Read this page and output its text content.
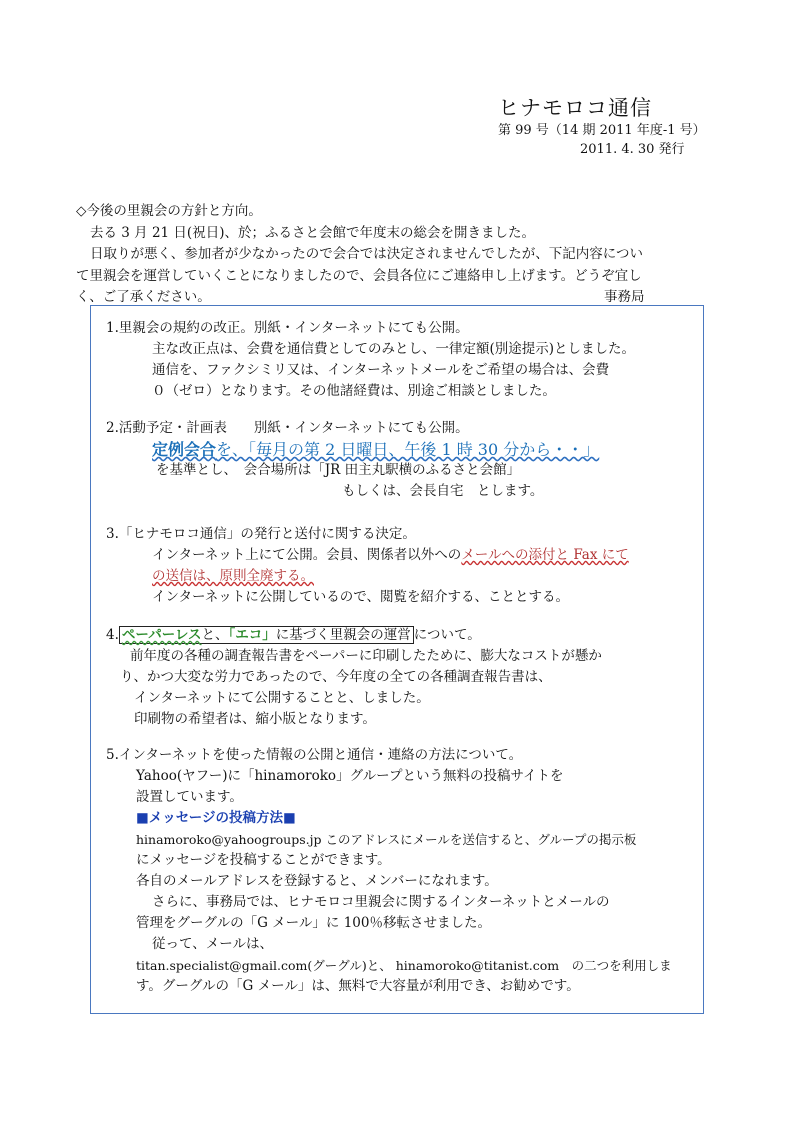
ヒナモロコ通信
第 99 号（14 期 2011 年度-1 号）
2011. 4. 30 発行
◇今後の里親会の方針と方向。
去る 3 月 21 日(祝日)、於；ふるさと会館で年度末の総会を開きました。
日取りが悪く、参加者が少なかったので会合では決定されませんでしたが、下記内容につい
て里親会を運営していくことになりましたので、会員各位にご連絡申し上げます。どうぞ宜し
く、ご了承ください。	事務局
1.里親会の規約の改正。別紙・インターネットにても公開。
主な改正点は、会費を通信費としてのみとし、一律定額(別途提示)としました。
通信を、ファクシミリ又は、インターネットメールをご希望の場合は、会費
０（ゼロ）となります。その他諸経費は、別途ご相談としました。
2.活動予定・計画表　　別紙・インターネットにても公開。
定例会合を、「毎月の第 2 日曜日、午後 1 時 30 分から・・」
を基準とし、　会合場所は「JR 田主丸駅横のふるさと会館」
もしくは、会長自宅　とします。
3.「ヒナモロコ通信」の発行と送付に関する決定。
インターネット上にて公開。会員、関係者以外へのメールへの添付と Fax にて
の送信は、原則全廃する。
インターネットに公開しているので、閲覧を紹介する、こととする。
4. ペーパーレスと、「エコ」に基づく里親会の運営 について。
前年度の各種の調査報告書をペーパーに印刷したために、膨大なコストが懸か
り、かつ大変な労力であったので、今年度の全ての各種調査報告書は、
インターネットにて公開することと、しました。
印刷物の希望者は、縮小版となります。
5.インターネットを使った情報の公開と通信・連絡の方法について。
Yahoo(ヤフー)に「hinamoroko」グループという無料の投稿サイトを
設置しています。
■メッセージの投稿方法■
hinamoroko@yahoogroups.jp このアドレスにメールを送信すると、グループの掲示板
にメッセージを投稿することができます。
各自のメールアドレスを登録すると、メンバーになれます。
さらに、事務局では、ヒナモロコ里親会に関するインターネットとメールの
管理をグーグルの「G メール」に 100％移転させました。
従って、メールは、
titan.specialist@gmail.com(グーグル)と、 hinamoroko@titanist.com　の二つを利用しま
す。グーグルの「G メール」は、無料で大容量が利用でき、お勧めです。
